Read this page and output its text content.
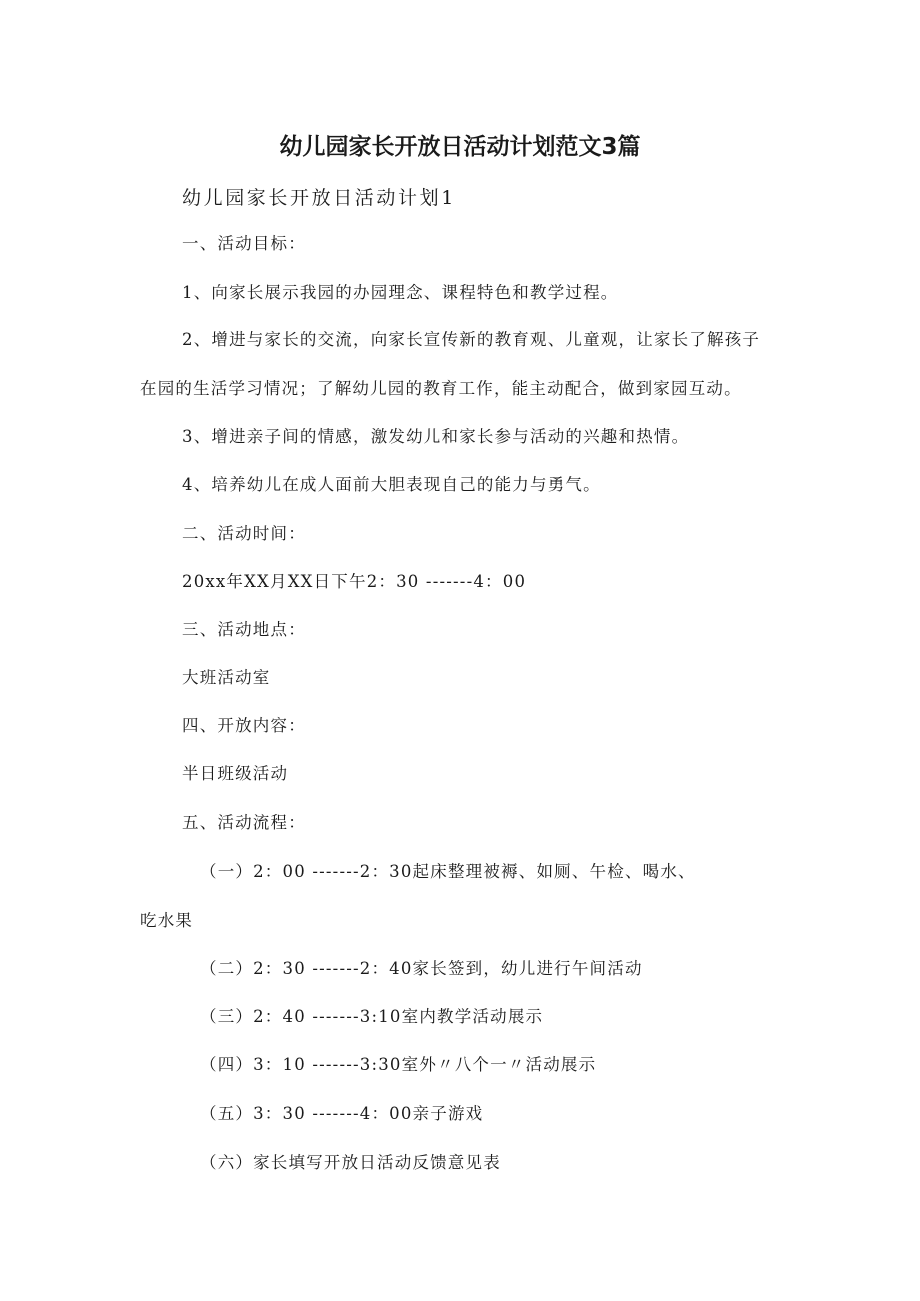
幼儿园家长开放日活动计划范文3篇
幼儿园家长开放日活动计划1
一、活动目标：
1、向家长展示我园的办园理念、课程特色和教学过程。
2、增进与家长的交流，向家长宣传新的教育观、儿童观，让家长了解孩子
在园的生活学习情况；了解幼儿园的教育工作，能主动配合，做到家园互动。
3、增进亲子间的情感，激发幼儿和家长参与活动的兴趣和热情。
4、培养幼儿在成人面前大胆表现自己的能力与勇气。
二、活动时间：
20xx年XX月XX日下午2：30 -------4：00
三、活动地点：
大班活动室
四、开放内容：
半日班级活动
五、活动流程：
（一）2：00 -------2：30起床整理被褥、如厕、午检、喝水、
吃水果
（二）2：30 -------2：40家长签到，幼儿进行午间活动
（三）2：40 -------3:10室内教学活动展示
（四）3：10 -------3:30室外〃八个一〃活动展示
（五）3：30 -------4：00亲子游戏
（六）家长填写开放日活动反馈意见表
